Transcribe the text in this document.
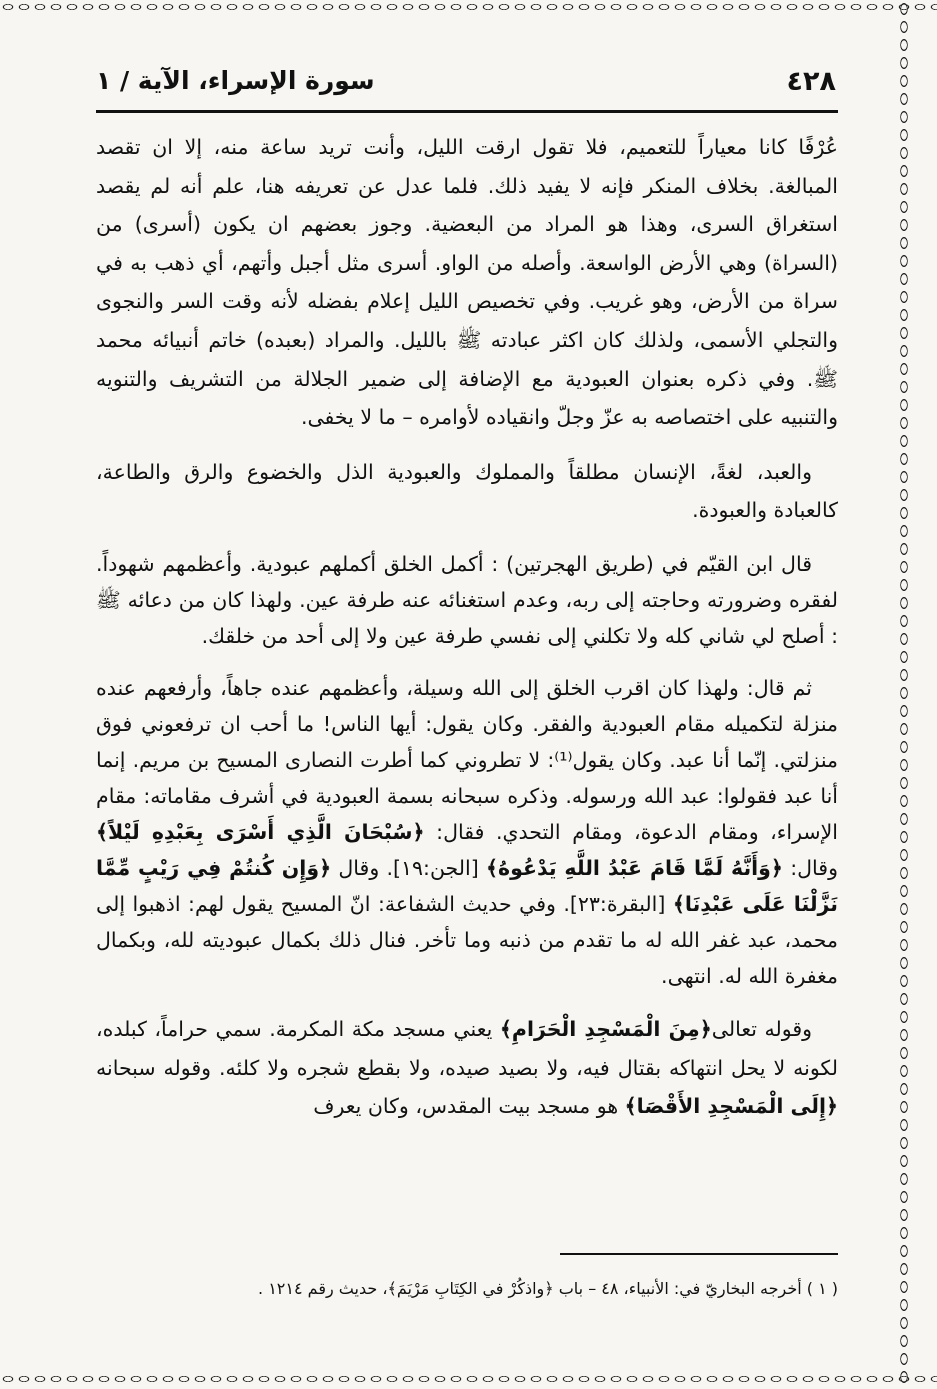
٤٢٨
سورة الإسراء، الآية / ١

عُرْفًا كانا معياراً للتعميم، فلا تقول ارقت الليل، وأنت تريد ساعة منه، إلا ان تقصد المبالغة. بخلاف المنكر فإنه لا يفيد ذلك. فلما عدل عن تعريفه هنا، علم أنه لم يقصد استغراق السرى، وهذا هو المراد من البعضية. وجوز بعضهم ان يكون (أسرى) من (السراة) وهي الأرض الواسعة. وأصله من الواو. أسرى مثل أجبل وأتهم، أي ذهب به في سراة من الأرض، وهو غريب. وفي تخصيص الليل إعلام بفضله لأنه وقت السر والنجوى والتجلي الأسمى، ولذلك كان اكثر عبادته ﷺ بالليل. والمراد (بعبده) خاتم أنبيائه محمد ﷺ. وفي ذكره بعنوان العبودية مع الإضافة إلى ضمير الجلالة من التشريف والتنويه والتنبيه على اختصاصه به عزّ وجلّ وانقياده لأوامره – ما لا يخفى.

والعبد، لغةً، الإنسان مطلقاً والمملوك والعبودية الذل والخضوع والرق والطاعة، كالعبادة والعبودة.

قال ابن القيّم في (طريق الهجرتين) : أكمل الخلق أكملهم عبودية. وأعظمهم شهوداً. لفقره وضرورته وحاجته إلى ربه، وعدم استغنائه عنه طرفة عين. ولهذا كان من دعائه ﷺ : أصلح لي شاني كله ولا تكلني إلى نفسي طرفة عين ولا إلى أحد من خلقك.

ثم قال: ولهذا كان اقرب الخلق إلى الله وسيلة، وأعظمهم عنده جاهاً، وأرفعهم عنده منزلة لتكميله مقام العبودية والفقر. وكان يقول: أيها الناس! ما أحب ان ترفعوني فوق منزلتي. إنّما أنا عبد. وكان يقول⁽¹⁾: لا تطروني كما أطرت النصارى المسيح بن مريم. إنما أنا عبد فقولوا: عبد الله ورسوله. وذكره سبحانه بسمة العبودية في أشرف مقاماته: مقام الإسراء، ومقام الدعوة، ومقام التحدي. فقال: ﴿سُبْحَانَ الَّذِي أَسْرَى بِعَبْدِهِ لَيْلاً﴾ وقال: ﴿وَأَنَّهُ لَمَّا قَامَ عَبْدُ اللَّهِ يَدْعُوهُ﴾ [الجن:١٩]. وقال ﴿وَإِن كُنتُمْ فِي رَيْبٍ مِّمَّا نَزَّلْنَا عَلَى عَبْدِنَا﴾ [البقرة:٢٣]. وفي حديث الشفاعة: انّ المسيح يقول لهم: اذهبوا إلى محمد، عبد غفر الله له ما تقدم من ذنبه وما تأخر. فنال ذلك بكمال عبوديته لله، وبكمال مغفرة الله له. انتهى.

وقوله تعالى﴿مِنَ الْمَسْجِدِ الْحَرَامِ﴾ يعني مسجد مكة المكرمة. سمي حراماً، كبلده، لكونه لا يحل انتهاكه بقتال فيه، ولا بصيد صيده، ولا بقطع شجره ولا كلئه. وقوله سبحانه ﴿إِلَى الْمَسْجِدِ الأَقْصَا﴾ هو مسجد بيت المقدس، وكان يعرف

( ١ ) أخرجه البخاريّ في: الأنبياء، ٤٨ – باب ﴿واذكُرْ في الكِتَابِ مَرْيَمَ﴾، حديث رقم ١٢١٤ .
